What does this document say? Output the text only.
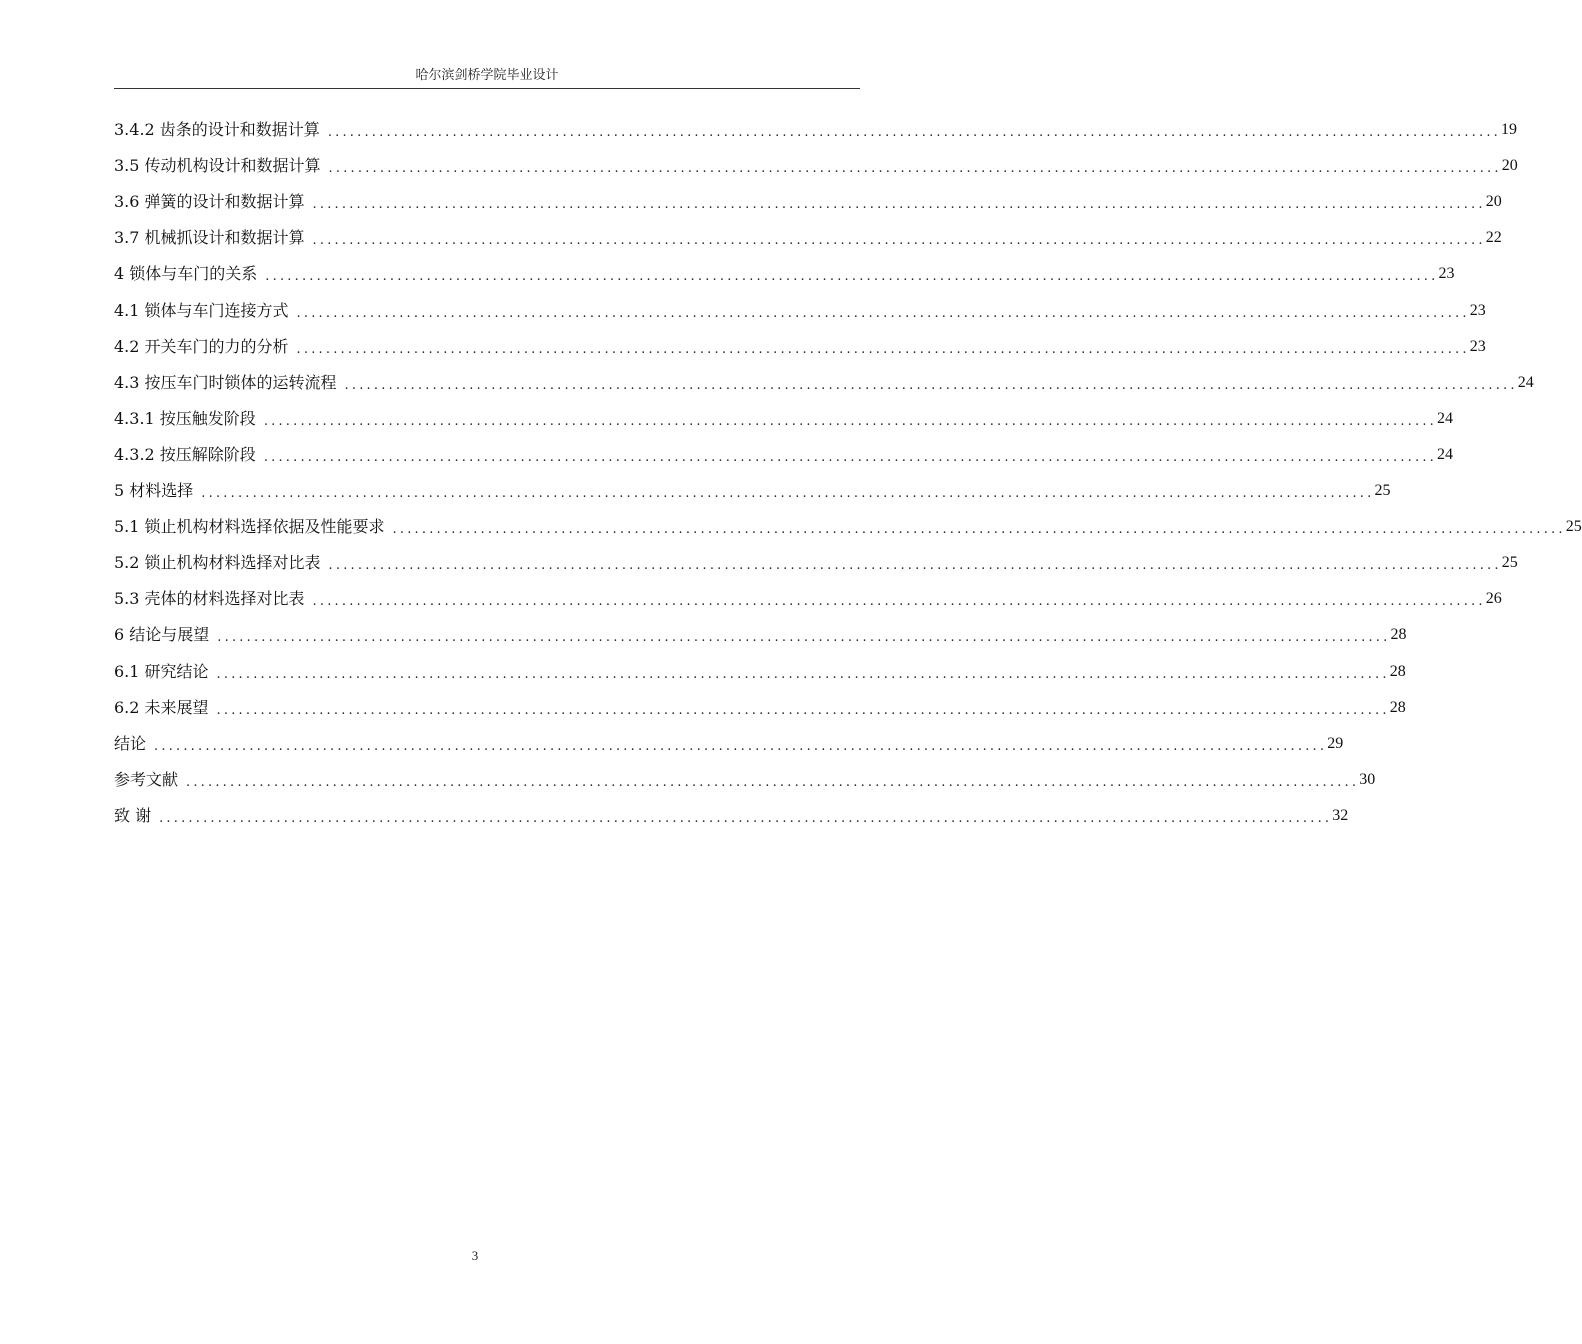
哈尔滨剑桥学院毕业设计
3.4.2 齿条的设计和数据计算 ................................................................................................................................................................ 19
3.5 传动机构设计和数据计算 ................................................................................................................................................................ 20
3.6 弹簧的设计和数据计算 ................................................................................................................................................................ 20
3.7 机械抓设计和数据计算 ................................................................................................................................................................ 22
4 锁体与车门的关系 ................................................................................................................................................................ 23
4.1 锁体与车门连接方式 ................................................................................................................................................................ 23
4.2 开关车门的力的分析 ................................................................................................................................................................ 23
4.3 按压车门时锁体的运转流程 ................................................................................................................................................................ 24
4.3.1 按压触发阶段 ................................................................................................................................................................ 24
4.3.2 按压解除阶段 ................................................................................................................................................................ 24
5 材料选择 ................................................................................................................................................................ 25
5.1 锁止机构材料选择依据及性能要求 ................................................................................................................................................................ 25
5.2 锁止机构材料选择对比表 ................................................................................................................................................................ 25
5.3 壳体的材料选择对比表 ................................................................................................................................................................ 26
6 结论与展望 ................................................................................................................................................................ 28
6.1 研究结论 ................................................................................................................................................................ 28
6.2 未来展望 ................................................................................................................................................................ 28
结论 ................................................................................................................................................................ 29
参考文献 ................................................................................................................................................................ 30
致 谢 ................................................................................................................................................................ 32
3
